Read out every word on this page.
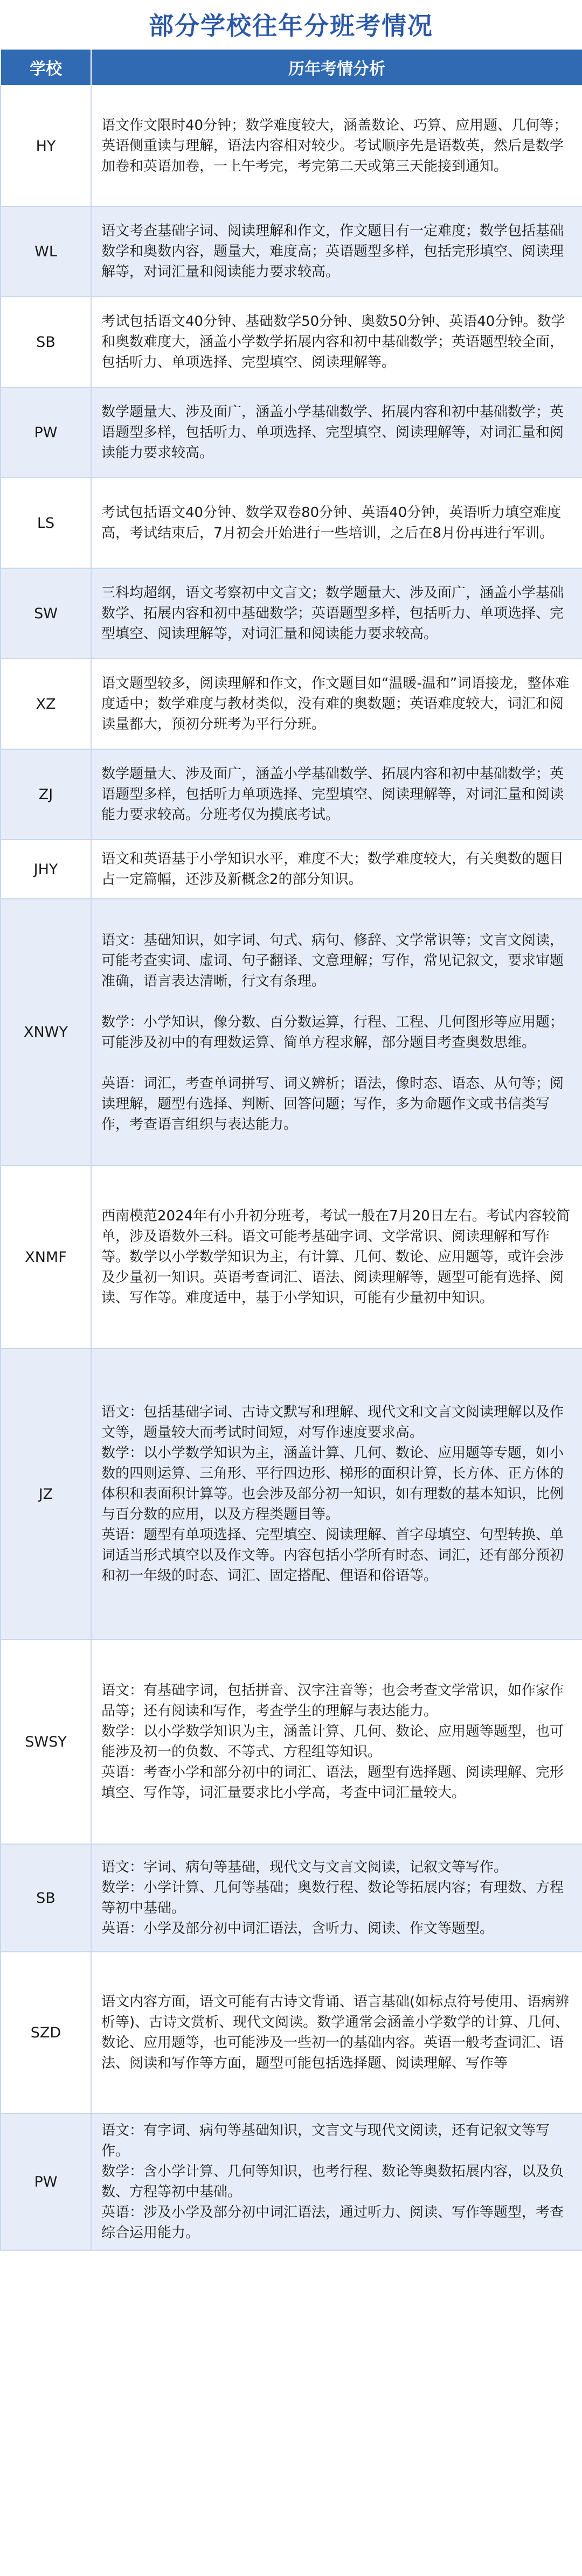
部分学校往年分班考情况
学校	历年考情分析
HY	语文作文限时40分钟；数学难度较大，涵盖数论、巧算、应用题、几何等；英语侧重读与理解，语法内容相对较少。考试顺序先是语数英，然后是数学加卷和英语加卷，一上午考完，考完第二天或第三天能接到通知。

WL	语文考查基础字词、阅读理解和作文，作文题目有一定难度；数学包括基础数学和奥数内容，题量大，难度高；英语题型多样，包括完形填空、阅读理解等，对词汇量和阅读能力要求较高。

SB	考试包括语文40分钟、基础数学50分钟、奥数50分钟、英语40分钟。数学和奥数难度大，涵盖小学数学拓展内容和初中基础数学；英语题型较全面，包括听力、单项选择、完型填空、阅读理解等。

PW	数学题量大、涉及面广，涵盖小学基础数学、拓展内容和初中基础数学；英语题型多样，包括听力、单项选择、完型填空、阅读理解等，对词汇量和阅读能力要求较高。

LS	考试包括语文40分钟、数学双卷80分钟、英语40分钟，英语听力填空难度高，考试结束后，7月初会开始进行一些培训，之后在8月份再进行军训。

SW	三科均超纲，语文考察初中文言文；数学题量大、涉及面广，涵盖小学基础数学、拓展内容和初中基础数学；英语题型多样，包括听力、单项选择、完型填空、阅读理解等，对词汇量和阅读能力要求较高。

XZ	语文题型较多，阅读理解和作文，作文题目如“温暖-温和”词语接龙，整体难度适中；数学难度与教材类似，没有难的奥数题；英语难度较大，词汇和阅读量都大，预初分班考为平行分班。

ZJ	数学题量大、涉及面广，涵盖小学基础数学、拓展内容和初中基础数学；英语题型多样，包括听力单项选择、完型填空、阅读理解等，对词汇量和阅读能力要求较高。分班考仅为摸底考试。

JHY	语文和英语基于小学知识水平，难度不大；数学难度较大，有关奥数的题目占一定篇幅，还涉及新概念2的部分知识。

XNWY	语文：基础知识，如字词、句式、病句、修辞、文学常识等；文言文阅读，可能考查实词、虚词、句子翻译、文意理解；写作，常见记叙文，要求审题准确，语言表达清晰，行文有条理。

数学：小学知识，像分数、百分数运算，行程、工程、几何图形等应用题；可能涉及初中的有理数运算、简单方程求解，部分题目考查奥数思维。

英语：词汇，考查单词拼写、词义辨析；语法，像时态、语态、从句等；阅读理解，题型有选择、判断、回答问题；写作，多为命题作文或书信类写作，考查语言组织与表达能力。

XNMF	西南模范2024年有小升初分班考，考试一般在7月20日左右。考试内容较简单，涉及语数外三科。语文可能考基础字词、文学常识、阅读理解和写作等。数学以小学数学知识为主，有计算、几何、数论、应用题等，或许会涉及少量初一知识。英语考查词汇、语法、阅读理解等，题型可能有选择、阅读、写作等。难度适中，基于小学知识，可能有少量初中知识。

JZ	语文：包括基础字词、古诗文默写和理解、现代文和文言文阅读理解以及作文等，题量较大而考试时间短，对写作速度要求高。

数学：以小学数学知识为主，涵盖计算、几何、数论、应用题等专题，如小数的四则运算、三角形、平行四边形、梯形的面积计算，长方体、正方体的体积和表面积计算等。也会涉及部分初一知识，如有理数的基本知识，比例与百分数的应用，以及方程类题目等。

英语：题型有单项选择、完型填空、阅读理解、首字母填空、句型转换、单词适当形式填空以及作文等。内容包括小学所有时态、词汇，还有部分预初和初一年级的时态、词汇、固定搭配、俚语和俗语等。

SWSY	语文：有基础字词，包括拼音、汉字注音等；也会考查文学常识，如作家作品等；还有阅读和写作，考查学生的理解与表达能力。

数学：以小学数学知识为主，涵盖计算、几何、数论、应用题等题型，也可能涉及初一的负数、不等式、方程组等知识。

英语：考查小学和部分初中的词汇、语法，题型有选择题、阅读理解、完形填空、写作等，词汇量要求比小学高，考查中词汇量较大。

SB	语文：字词、病句等基础，现代文与文言文阅读，记叙文等写作。

数学：小学计算、几何等基础；奥数行程、数论等拓展内容；有理数、方程等初中基础。

英语：小学及部分初中词汇语法，含听力、阅读、作文等题型。

SZD	语文内容方面，语文可能有古诗文背诵、语言基础(如标点符号使用、语病辨析等)、古诗文赏析、现代文阅读。数学通常会涵盖小学数学的计算、几何、数论、应用题等，也可能涉及一些初一的基础内容。英语一般考查词汇、语法、阅读和写作等方面，题型可能包括选择题、阅读理解、写作等

PW	语文：有字词、病句等基础知识，文言文与现代文阅读，还有记叙文等写作。

数学：含小学计算、几何等知识，也考行程、数论等奥数拓展内容，以及负数、方程等初中基础。

英语：涉及小学及部分初中词汇语法，通过听力、阅读、写作等题型，考查综合运用能力。
